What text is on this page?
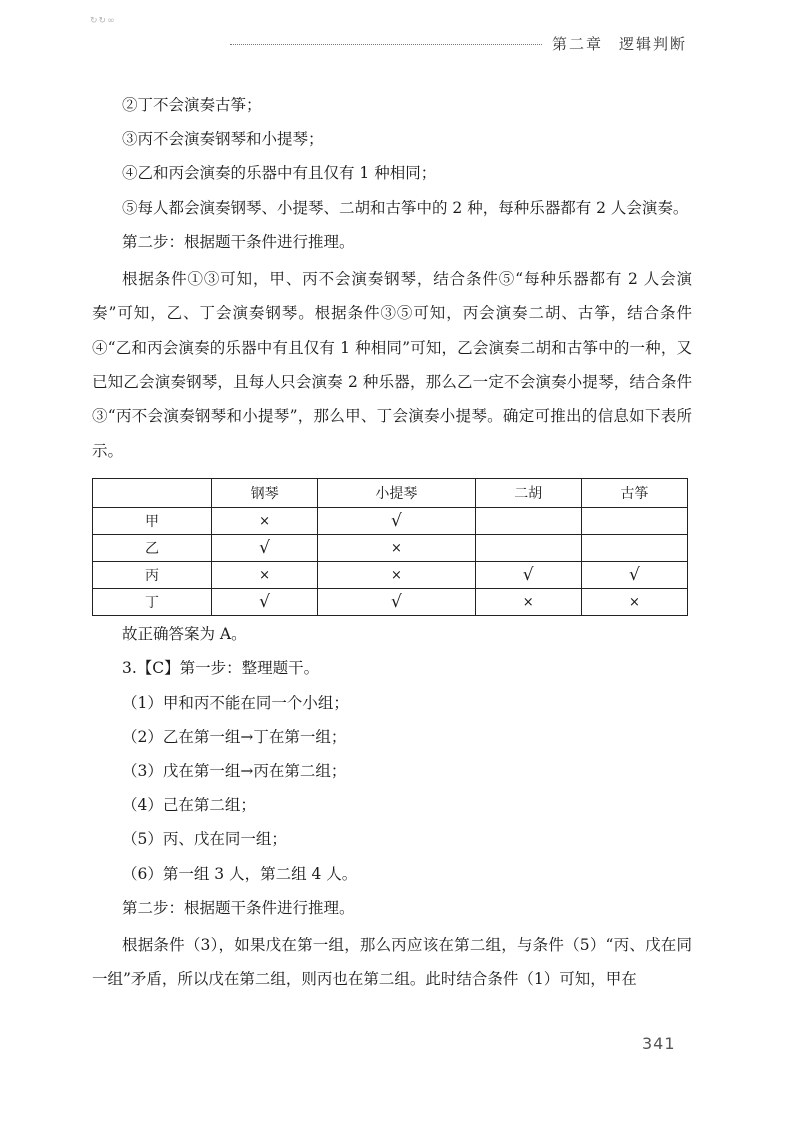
↻↻∞
第二章 逻辑判断

②丁不会演奏古筝；

③丙不会演奏钢琴和小提琴；

④乙和丙会演奏的乐器中有且仅有 1 种相同；

⑤每人都会演奏钢琴、小提琴、二胡和古筝中的 2 种，每种乐器都有 2 人会演奏。

第二步：根据题干条件进行推理。

根据条件①③可知，甲、丙不会演奏钢琴，结合条件⑤“每种乐器都有 2 人会演奏”可知，乙、丁会演奏钢琴。根据条件③⑤可知，丙会演奏二胡、古筝，结合条件④“乙和丙会演奏的乐器中有且仅有 1 种相同”可知，乙会演奏二胡和古筝中的一种，又已知乙会演奏钢琴，且每人只会演奏 2 种乐器，那么乙一定不会演奏小提琴，结合条件③“丙不会演奏钢琴和小提琴”，那么甲、丁会演奏小提琴。确定可推出的信息如下表所示。

	钢琴	小提琴	二胡	古筝
甲	×	√		
乙	√	×		
丙	×	×	√	√
丁	√	√	×	×

故正确答案为 A。

3.【C】第一步：整理题干。

（1）甲和丙不能在同一个小组；

（2）乙在第一组→丁在第一组；

（3）戊在第一组→丙在第二组；

（4）己在第二组；

（5）丙、戊在同一组；

（6）第一组 3 人，第二组 4 人。

第二步：根据题干条件进行推理。

根据条件（3），如果戊在第一组，那么丙应该在第二组，与条件（5）“丙、戊在同一组”矛盾，所以戊在第二组，则丙也在第二组。此时结合条件（1）可知，甲在

341
